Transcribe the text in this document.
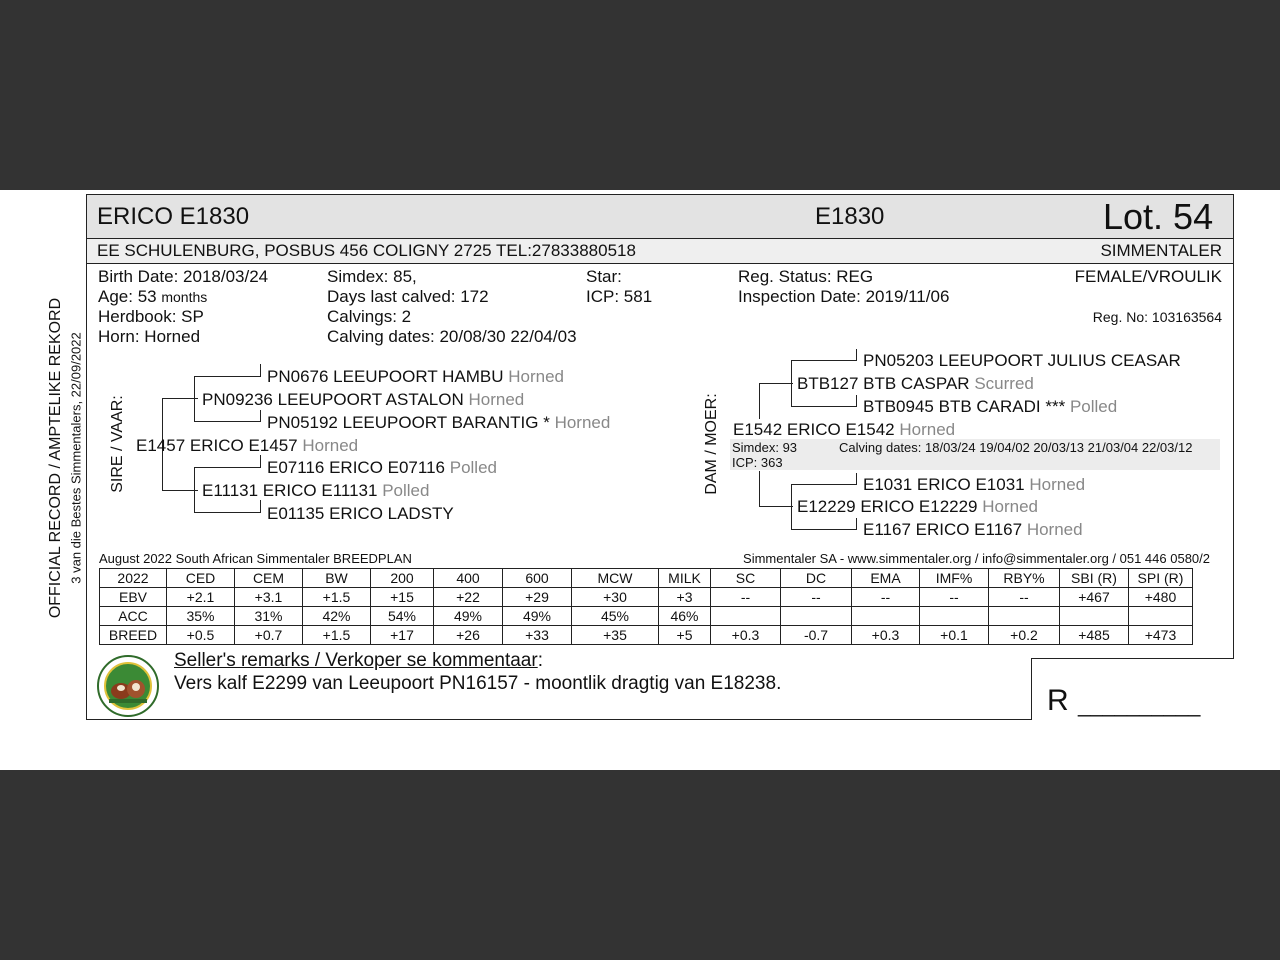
OFFICIAL RECORD / AMPTELIKE REKORD 3 van die Bestes Simmentalers, 22/09/2022
ERICO E1830	E1830	Lot. 54
EE SCHULENBURG, POSBUS 456 COLIGNY 2725 TEL:27833880518	SIMMENTALER
Birth Date: 2018/03/24
Age: 53 months
Herdbook: SP
Horn: Horned
Simdex: 85,
Days last calved: 172
Calvings: 2
Calving dates: 20/08/30 22/04/03
Star:
ICP: 581
Reg. Status: REG
Inspection Date: 2019/11/06
FEMALE/VROULIK
Reg. No: 103163564
SIRE / VAAR:
PN0676 LEEUPOORT HAMBU Horned
PN09236 LEEUPOORT ASTALON Horned
PN05192 LEEUPOORT BARANTIG * Horned
E1457 ERICO E1457 Horned
E07116 ERICO E07116 Polled
E11131 ERICO E11131 Polled
E01135 ERICO LADSTY
DAM / MOER: Simdex: 93
ICP: 363
Calving dates: 18/03/24 19/04/02 20/03/13 21/03/04 22/03/12
PN05203 LEEUPOORT JULIUS CEASAR
BTB127 BTB CASPAR Scurred
BTB0945 BTB CARADI *** Polled
E1542 ERICO E1542 Horned
E1031 ERICO E1031 Horned
E12229 ERICO E12229 Horned
E1167 ERICO E1167 Horned
August 2022 South African Simmentaler BREEDPLAN	Simmentaler SA - www.simmentaler.org / info@simmentaler.org / 051 446 0580/2
2022	CED	CEM	BW	200	400	600	MCW	MILK	SC	DC	EMA	IMF%	RBY%	SBI (R)	SPI (R)
EBV	+2.1	+3.1	+1.5	+15	+22	+29	+30	+3	--	--	--	--	--	+467	+480
ACC	35%	31%	42%	54%	49%	49%	45%	46%							
BREED	+0.5	+0.7	+1.5	+17	+26	+33	+35	+5	+0.3	-0.7	+0.3	+0.1	+0.2	+485	+473
Seller's remarks / Verkoper se kommentaar:
Vers kalf E2299 van Leeupoort PN16157 - moontlik dragtig van E18238.
R __________
